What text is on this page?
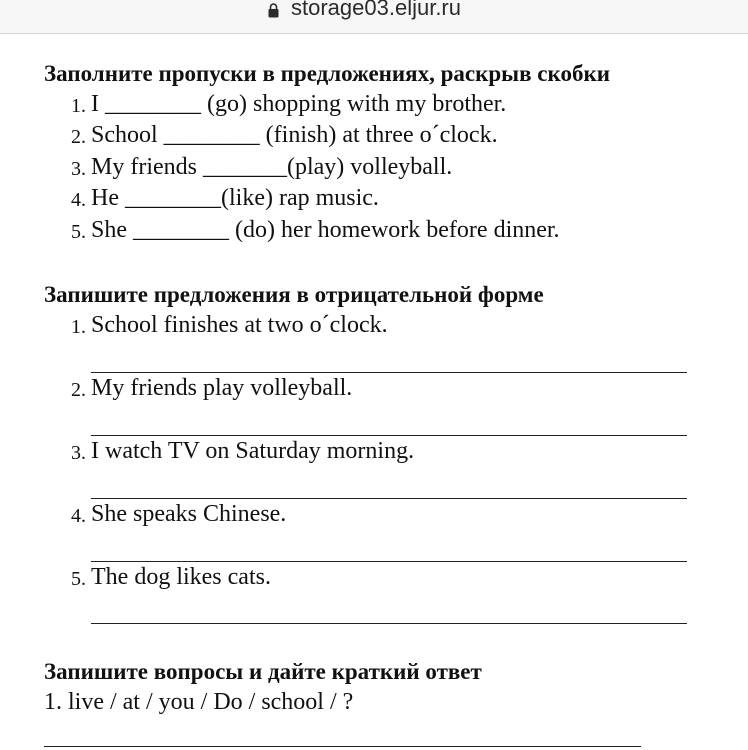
storage03.eljur.ru
Заполните пропуски в предложениях, раскрыв скобки
1. I ________ (go) shopping with my brother.
2. School ________ (finish) at three o´clock.
3. My friends _______(play) volleyball.
4. He ________(like) rap music.
5. She ________ (do) her homework before dinner.
Запишите предложения в отрицательной форме
1. School finishes at two o´clock.
2. My friends play volleyball.
3. I watch TV on Saturday morning.
4. She speaks Chinese.
5. The dog likes cats.
Запишите вопросы и дайте краткий ответ
1. live / at / you / Do / school / ?
